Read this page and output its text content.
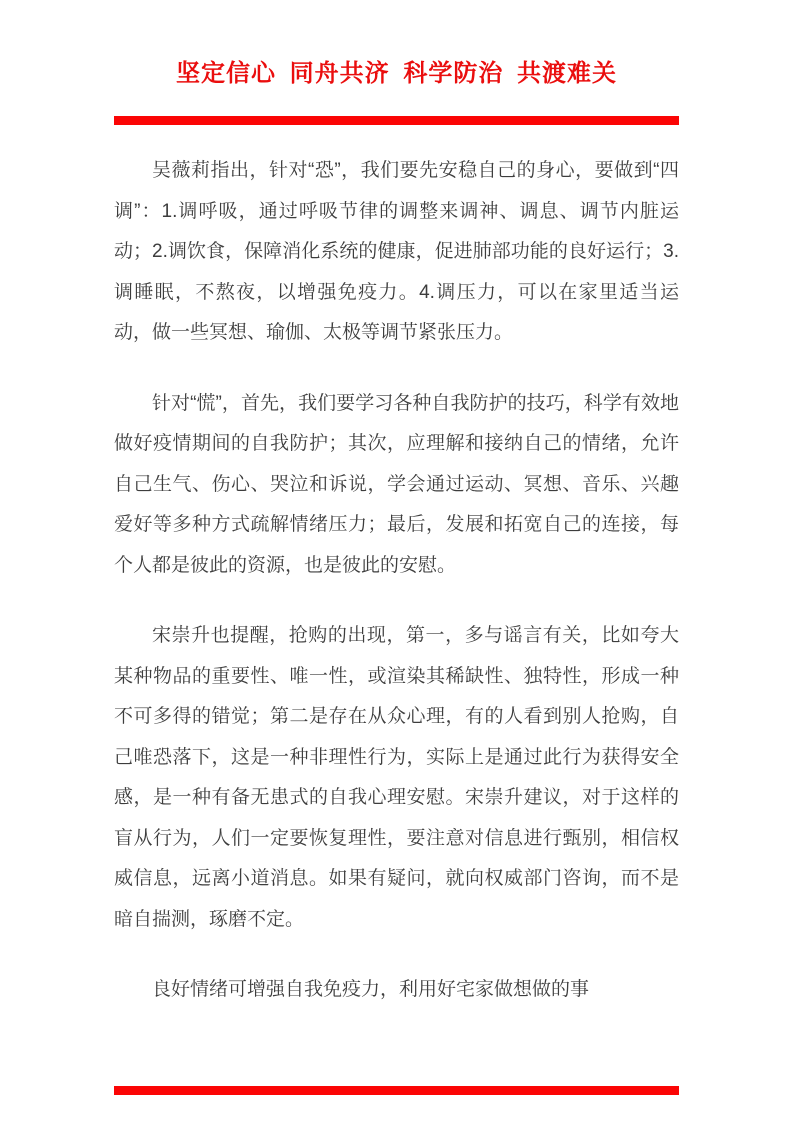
坚定信心 同舟共济 科学防治 共渡难关

吴薇莉指出，针对“恐”，我们要先安稳自己的身心，要做到“四调”：1.调呼吸，通过呼吸节律的调整来调神、调息、调节内脏运动；2.调饮食，保障消化系统的健康，促进肺部功能的良好运行；3.调睡眠，不熬夜，以增强免疫力。4.调压力，可以在家里适当运动，做一些冥想、瑜伽、太极等调节紧张压力。

针对“慌”，首先，我们要学习各种自我防护的技巧，科学有效地做好疫情期间的自我防护；其次，应理解和接纳自己的情绪，允许自己生气、伤心、哭泣和诉说，学会通过运动、冥想、音乐、兴趣爱好等多种方式疏解情绪压力；最后，发展和拓宽自己的连接，每个人都是彼此的资源，也是彼此的安慰。

宋崇升也提醒，抢购的出现，第一，多与谣言有关，比如夸大某种物品的重要性、唯一性，或渲染其稀缺性、独特性，形成一种不可多得的错觉；第二是存在从众心理，有的人看到别人抢购，自己唯恐落下，这是一种非理性行为，实际上是通过此行为获得安全感，是一种有备无患式的自我心理安慰。宋崇升建议，对于这样的盲从行为，人们一定要恢复理性，要注意对信息进行甄别，相信权威信息，远离小道消息。如果有疑问，就向权威部门咨询，而不是暗自揣测，琢磨不定。

良好情绪可增强自我免疫力，利用好宅家做想做的事
